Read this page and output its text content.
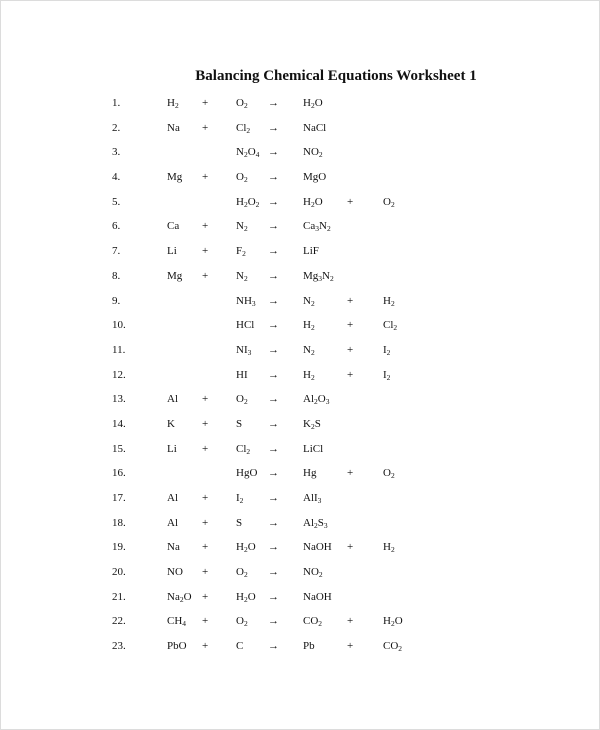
Balancing Chemical Equations Worksheet 1
1.	$H_2$ +	$O_2 \to H_2O$
2.	Na +	$Cl_2$ → NaCl
3.	$N_2O_4 \to NO_2$
4.	Mg +	$O_2$ → MgO
5.	$H_2O_2 \to H_2O$ +	$O_2$
6.	Ca +	$N_2 \to Ca_3N_2$
7.	Li +	$F_2$ → LiF
8.	Mg +	$N_2 \to Mg_3N_2$
9.	$NH_3 \to N_2$	+	$H_2$
10.	HCl → $H_2$	+	$Cl_2$
11.	$NI_3 \to N_2$	+	$I_2$
12.	HI → $H_2$	+	$I_2$
13.	Al +	$O_2 \to Al_2O_3$
14.	K +	$S \to K_2S$
15.	Li +	$Cl_2$ → LiCl
16.	HgO → Hg	+	$O_2$
17.	Al +	$I_2 \to AlI_3$
18.	Al +	$S \to Al_2S_3$
19.	Na +	$H_2O$ → NaOH +	$H_2$
20.	NO +	$O_2 \to NO_2$
21.	$Na_2O$ +	$H_2O$ → NaOH
22.	$CH_4$ +	$O_2 \to CO_2$ +	$H_2O$
23.	PbO +	C → Pb	+	$CO_2$
